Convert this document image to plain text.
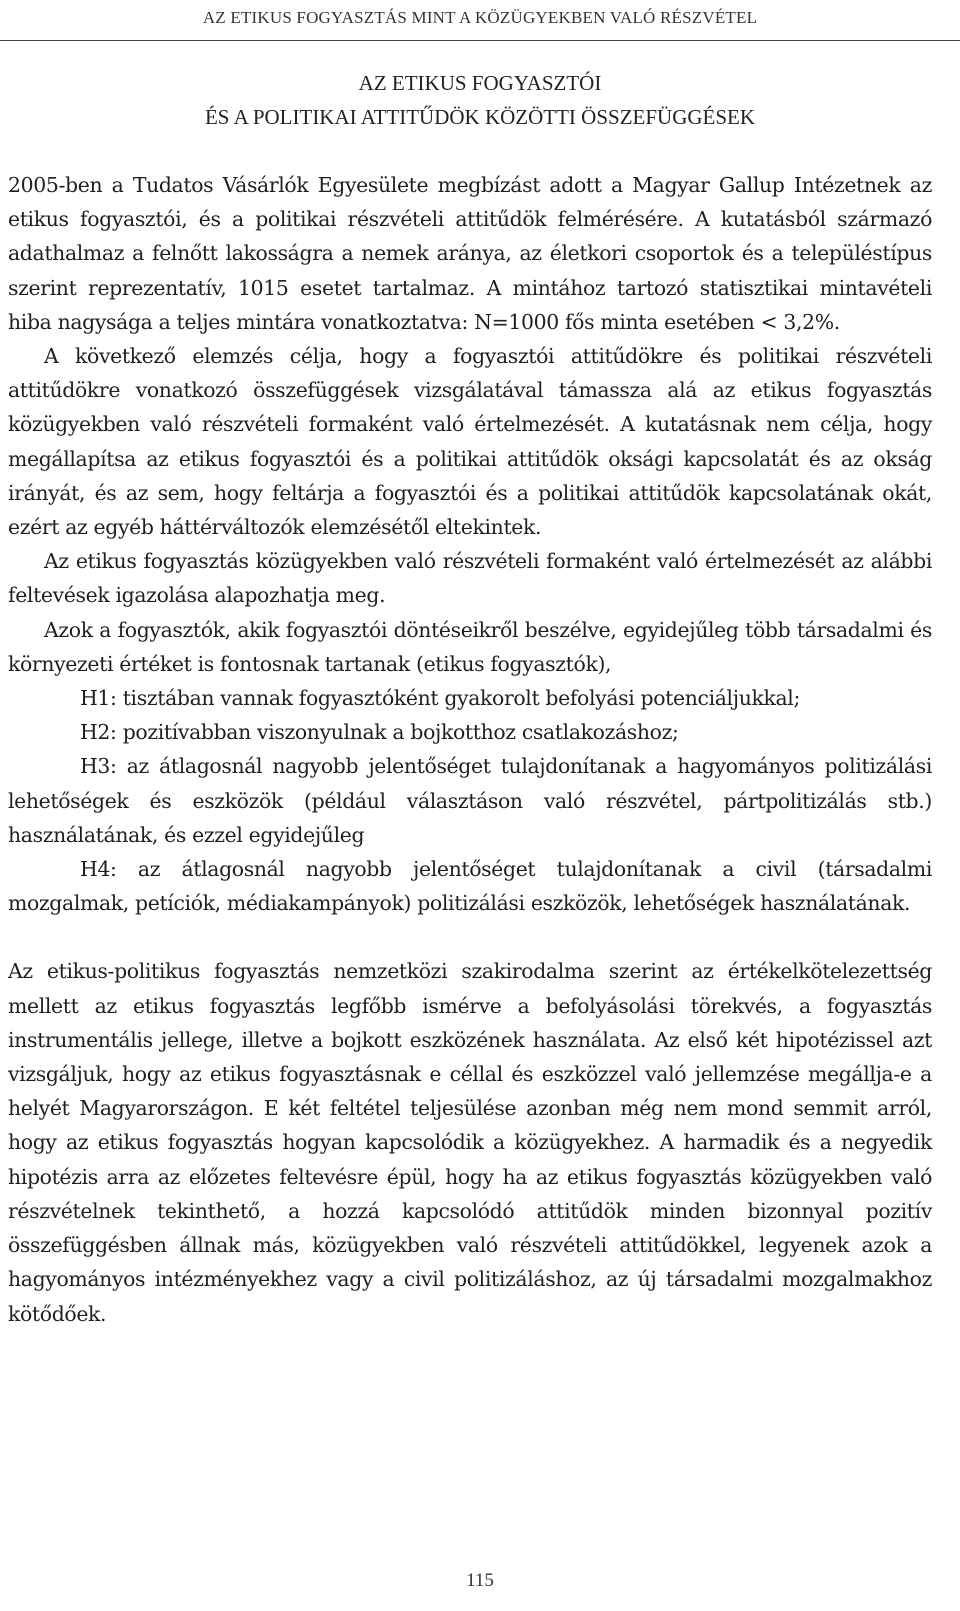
AZ ETIKUS FOGYASZTÁS MINT A KÖZÜGYEKBEN VALÓ RÉSZVÉTEL
AZ ETIKUS FOGYASZTÓI
ÉS A POLITIKAI ATTITŰDÖK KÖZÖTTI ÖSSZEFÜGGÉSEK

2005-ben a Tudatos Vásárlók Egyesülete megbízást adott a Magyar Gallup Intézetnek az etikus fogyasztói, és a politikai részvételi attitűdök felmérésére. A kutatásból származó adathalmaz a felnőtt lakosságra a nemek aránya, az életkori csoportok és a településtípus szerint reprezentatív, 1015 esetet tartalmaz. A mintához tartozó statisztikai mintavételi hiba nagysága a teljes mintára vonatkoztatva: N=1000 fős minta esetében < 3,2%.

A következő elemzés célja, hogy a fogyasztói attitűdökre és politikai részvételi attitűdökre vonatkozó összefüggések vizsgálatával támassza alá az etikus fogyasztás közügyekben való részvételi formaként való értelmezését. A kutatásnak nem célja, hogy megállapítsa az etikus fogyasztói és a politikai attitűdök oksági kapcsolatát és az okság irányát, és az sem, hogy feltárja a fogyasztói és a politikai attitűdök kapcsolatának okát, ezért az egyéb háttérváltozók elemzésétől eltekintek.

Az etikus fogyasztás közügyekben való részvételi formaként való értelmezését az alábbi feltevések igazolása alapozhatja meg.

Azok a fogyasztók, akik fogyasztói döntéseikről beszélve, egyidejűleg több társadalmi és környezeti értéket is fontosnak tartanak (etikus fogyasztók),

H1: tisztában vannak fogyasztóként gyakorolt befolyási potenciáljukkal;

H2: pozitívabban viszonyulnak a bojkotthoz csatlakozáshoz;

H3: az átlagosnál nagyobb jelentőséget tulajdonítanak a hagyományos politizálási lehetőségek és eszközök (például választáson való részvétel, pártpolitizálás stb.) használatának, és ezzel egyidejűleg

H4: az átlagosnál nagyobb jelentőséget tulajdonítanak a civil (társadalmi mozgalmak, petíciók, médiakampányok) politizálási eszközök, lehetőségek használatának.

Az etikus-politikus fogyasztás nemzetközi szakirodalma szerint az értékelkötelezettség mellett az etikus fogyasztás legfőbb ismérve a befolyásolási törekvés, a fogyasztás instrumentális jellege, illetve a bojkott eszközének használata. Az első két hipotézissel azt vizsgáljuk, hogy az etikus fogyasztásnak e céllal és eszközzel való jellemzése megállja-e a helyét Magyarországon. E két feltétel teljesülése azonban még nem mond semmit arról, hogy az etikus fogyasztás hogyan kapcsolódik a közügyekhez. A harmadik és a negyedik hipotézis arra az előzetes feltevésre épül, hogy ha az etikus fogyasztás közügyekben való részvételnek tekinthető, a hozzá kapcsolódó attitűdök minden bizonnyal pozitív összefüggésben állnak más, közügyekben való részvételi attitűdökkel, legyenek azok a hagyományos intézményekhez vagy a civil politizáláshoz, az új társadalmi mozgalmakhoz kötődőek.

115
